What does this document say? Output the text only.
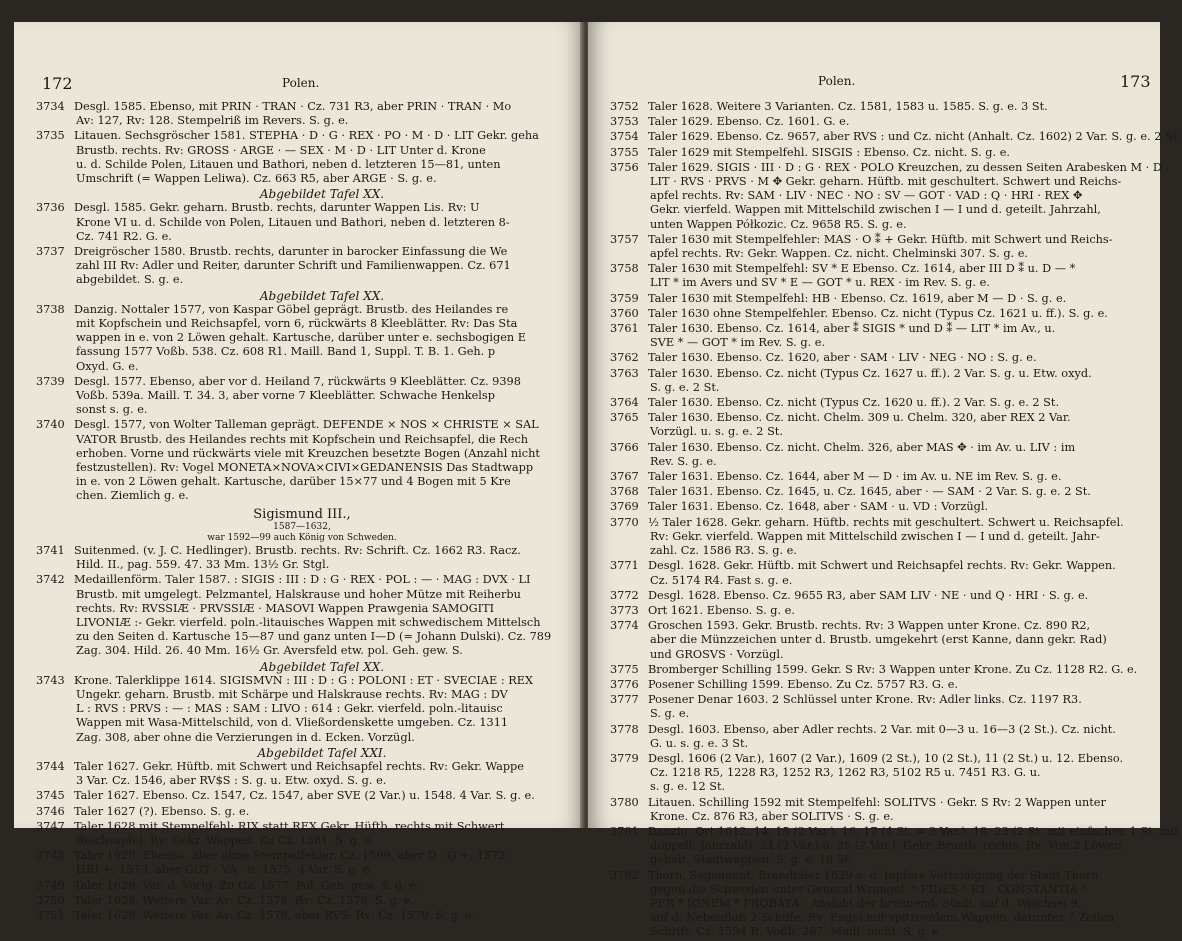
172	Polen.
3734 Desgl. 1585. Ebenso, mit PRIN · TRAN · Cz. 731 R3, aber PRIN · TRAN · Mo
Av: 127, Rv: 128. Stempelriß im Revers. S. g. e.
3735 Litauen. Sechsgröscher 1581. STEPHA · D · G · REX · PO · M · D · LIT Gekr. geha
Brustb. rechts. Rv: GROSS · ARGE · — SEX · M · D · LIT Unter d. Krone
u. d. Schilde Polen, Litauen und Bathori, neben d. letzteren 15—81, unten
Umschrift (= Wappen Leliwa). Cz. 663 R5, aber ARGE · S. g. e.
Abgebildet Tafel XX.
3736 Desgl. 1585. Gekr. geharn. Brustb. rechts, darunter Wappen Lis. Rv: U
Krone VI u. d. Schilde von Polen, Litauen und Bathori, neben d. letzteren 8-
Cz. 741 R2. G. e.
3737 Dreigröscher 1580. Brustb. rechts, darunter in barocker Einfassung die We
zahl III Rv: Adler und Reiter, darunter Schrift und Familienwappen. Cz. 671
abgebildet. S. g. e.
Abgebildet Tafel XX.
3738 Danzig. Nottaler 1577, von Kaspar Göbel geprägt. Brustb. des Heilandes re
mit Kopfschein und Reichsapfel, vorn 6, rückwärts 8 Kleeblätter. Rv: Das Sta
wappen in e. von 2 Löwen gehalt. Kartusche, darüber unter e. sechsbogigen E
fassung 1577 Voßb. 538. Cz. 608 R1. Maill. Band 1, Suppl. T. B. 1. Geh. p
Oxyd. G. e.
3739 Desgl. 1577. Ebenso, aber vor d. Heiland 7, rückwärts 9 Kleeblätter. Cz. 9398
Voßb. 539a. Maill. T. 34. 3, aber vorne 7 Kleeblätter. Schwache Henkelsp
sonst s. g. e.
3740 Desgl. 1577, von Wolter Talleman geprägt. DEFENDE × NOS × CHRISTE × SAL
VATOR Brustb. des Heilandes rechts mit Kopfschein und Reichsapfel, die Rech
erhoben. Vorne und rückwärts viele mit Kreuzchen besetzte Bogen (Anzahl nicht
festzustellen). Rv: Vogel MONETA×NOVA×CIVI×GEDANENSIS Das Stadtwapp
in e. von 2 Löwen gehalt. Kartusche, darüber 15×77 und 4 Bogen mit 5 Kre
chen. Ziemlich g. e.
Sigismund III.,
1587—1632,
war 1592—99 auch König von Schweden.
3741 Suitenmed. (v. J. C. Hedlinger). Brustb. rechts. Rv: Schrift. Cz. 1662 R3. Racz.
Hild. II., pag. 559. 47. 33 Mm. 13½ Gr. Stgl.
3742 Medaillenförm. Taler 1587. : SIGIS : III : D : G · REX · POL : — · MAG : DVX · LI
Brustb. mit umgelegt. Pelzmantel, Halskrause und hoher Mütze mit Reiherbu
rechts. Rv: RVSSIÆ · PRVSSIÆ · MASOVI Wappen Prawgenia SAMOGITI
LIVONIÆ :- Gekr. vierfeld. poln.-litauisches Wappen mit schwedischem Mittelsch
zu den Seiten d. Kartusche 15—87 und ganz unten I—D (= Johann Dulski). Cz. 789
Zag. 304. Hild. 26. 40 Mm. 16½ Gr. Aversfeld etw. pol. Geh. gew. S.
Abgebildet Tafel XX.
3743 Krone. Talerklippe 1614. SIGISMVN : III : D : G : POLONI : ET · SVECIAE : REX
Ungekr. geharn. Brustb. mit Schärpe und Halskrause rechts. Rv: MAG : DV
L : RVS : PRVS : — : MAS : SAM : LIVO : 614 : Gekr. vierfeld. poln.-litauisc
Wappen mit Wasa-Mittelschild, von d. Vließordenskette umgeben. Cz. 1311
Zag. 308, aber ohne die Verzierungen in d. Ecken. Vorzügl.
Abgebildet Tafel XXI.
3744 Taler 1627. Gekr. Hüftb. mit Schwert und Reichsapfel rechts. Rv: Gekr. Wappe
3 Var. Cz. 1546, aber RV$S : S. g. u. Etw. oxyd. S. g. e.
3745 Taler 1627. Ebenso. Cz. 1547, Cz. 1547, aber SVE (2 Var.) u. 1548. 4 Var. S. g. e.
3746 Taler 1627 (?). Ebenso. S. g. e.
3747 Taler 1628 mit Stempelfehl: RIX statt REX Gekr. Hüftb. rechts mit Schwert
Reichsapfel. Rv: Gekr. Wappen. Zu Cz. 1581. S. g. e.
3748 Taler 1628. Ebenso, aber ohne Stempelfehler. Cz. 1569, aber D : G +, 1572,
HRI +, 1573, aber GOT · VA · u. 1575. 4 Var. S. g. e.
3749 Taler 1628. Var. d. Vorig. Zu Cz. 1577. Pol. Geh. gew. S. g. e.
3750 Taler 1628. Weitere Var. Av: Cz. 1578, Rv: Cz. 1579. S. g. e.
3751 Taler 1628. Weitere Var. Av: Cz. 1578, aber RVS: Rv: Cz. 1579. S. g. e.
Polen.	173
3752 Taler 1628. Weitere 3 Varianten. Cz. 1581, 1583 u. 1585. S. g. e. 3 St.
3753 Taler 1629. Ebenso. Cz. 1601. G. e.
3754 Taler 1629. Ebenso. Cz. 9657, aber RVS : und Cz. nicht (Anhalt. Cz. 1602) 2 Var. S. g. e. 2 St.
3755 Taler 1629 mit Stempelfehl. SISGIS : Ebenso. Cz. nicht. S. g. e.
3756 Taler 1629. SIGIS · III · D : G · REX · POLO Kreuzchen, zu dessen Seiten Arabesken M · D :
LIT · RVS · PRVS · M ✥ Gekr. geharn. Hüftb. mit geschultert. Schwert und Reichs-
apfel rechts. Rv: SAM · LIV · NEC · NO : SV — GOT · VAD : Q · HRI · REX ✥
Gekr. vierfeld. Wappen mit Mittelschild zwischen I — I und d. geteilt. Jahrzahl,
unten Wappen Półkozic. Cz. 9658 R5. S. g. e.
3757 Taler 1630 mit Stempelfehler: MAS · O ⁑ + Gekr. Hüftb. mit Schwert und Reichs-
apfel rechts. Rv: Gekr. Wappen. Cz. nicht. Chelminski 307. S. g. e.
3758 Taler 1630 mit Stempelfehl: SV * E Ebenso. Cz. 1614, aber III D ⁑ u. D — *
LIT * im Avers und SV * E — GOT * u. REX · im Rev. S. g. e.
3759 Taler 1630 mit Stempelfehl: HB · Ebenso. Cz. 1619, aber M — D · S. g. e.
3760 Taler 1630 ohne Stempelfehler. Ebenso. Cz. nicht (Typus Cz. 1621 u. ff.). S. g. e.
3761 Taler 1630. Ebenso. Cz. 1614, aber ⁑ SIGIS * und D ⁑ — LIT * im Av., u.
SVE * — GOT * im Rev. S. g. e.
3762 Taler 1630. Ebenso. Cz. 1620, aber · SAM · LIV · NEG · NO : S. g. e.
3763 Taler 1630. Ebenso. Cz. nicht (Typus Cz. 1627 u. ff.). 2 Var. S. g. u. Etw. oxyd.
S. g. e. 2 St.
3764 Taler 1630. Ebenso. Cz. nicht (Typus Cz. 1620 u. ff.). 2 Var. S. g. e. 2 St.
3765 Taler 1630. Ebenso. Cz. nicht. Chelm. 309 u. Chelm. 320, aber REX 2 Var.
Vorzügl. u. s. g. e. 2 St.
3766 Taler 1630. Ebenso. Cz. nicht. Chelm. 326, aber MAS ✥ · im Av. u. LIV : im
Rev. S. g. e.
3767 Taler 1631. Ebenso. Cz. 1644, aber M — D · im Av. u. NE im Rev. S. g. e.
3768 Taler 1631. Ebenso. Cz. 1645, u. Cz. 1645, aber · — SAM · 2 Var. S. g. e. 2 St.
3769 Taler 1631. Ebenso. Cz. 1648, aber · SAM · u. VD : Vorzügl.
3770 ½ Taler 1628. Gekr. geharn. Hüftb. rechts mit geschultert. Schwert u. Reichsapfel.
Rv: Gekr. vierfeld. Wappen mit Mittelschild zwischen I — I und d. geteilt. Jahr-
zahl. Cz. 1586 R3. S. g. e.
3771 Desgl. 1628. Gekr. Hüftb. mit Schwert und Reichsapfel rechts. Rv: Gekr. Wappen.
Cz. 5174 R4. Fast s. g. e.
3772 Desgl. 1628. Ebenso. Cz. 9655 R3, aber SAM LIV · NE · und Q · HRI · S. g. e.
3773 Ort 1621. Ebenso. S. g. e.
3774 Groschen 1593. Gekr. Brustb. rechts. Rv: 3 Wappen unter Krone. Cz. 890 R2,
aber die Münzzeichen unter d. Brustb. umgekehrt (erst Kanne, dann gekr. Rad)
und GROSVS · Vorzügl.
3775 Bromberger Schilling 1599. Gekr. S Rv: 3 Wappen unter Krone. Zu Cz. 1128 R2. G. e.
3776 Posener Schilling 1599. Ebenso. Zu Cz. 5757 R3. G. e.
3777 Posener Denar 1603. 2 Schlüssel unter Krone. Rv: Adler links. Cz. 1197 R3.
S. g. e.
3778 Desgl. 1603. Ebenso, aber Adler rechts. 2 Var. mit 0—3 u. 16—3 (2 St.). Cz. nicht.
G. u. s. g. e. 3 St.
3779 Desgl. 1606 (2 Var.), 1607 (2 Var.), 1609 (2 St.), 10 (2 St.), 11 (2 St.) u. 12. Ebenso.
Cz. 1218 R5, 1228 R3, 1252 R3, 1262 R3, 5102 R5 u. 7451 R3. G. u.
s. g. e. 12 St.
3780 Litauen. Schilling 1592 mit Stempelfehl: SOLITVS · Gekr. S Rv: 2 Wappen unter
Krone. Cz. 876 R3, aber SOLITVS · S. g. e.
3781 Danzig. Ort 1612, 14, 15 (2 Var.), 16, 17 (4 St. = 3 Var.), 18, 23 (2 St. mit einfacher, 1 St. mit
doppelt. Jahrzahl), 24 (2 Var.) u. 25 (2 Var.). Gekr. Brustb. rechts. Rv: Von 2 Löwen
gehalt. Stadtwappen. S. g. e. 18 St.
3782 Thorn. Sogenannt. Brandtaler 1629 a. d. tapfere Verteidigung der Stadt Thorn
gegen die Schweden unter General Wrangel. * FIDES * ET · CONSTANTIA *
PER * IGNEM * PROBATA : Ansicht der brennend. Stadt, auf d. Weichsel 9,
auf d. Nebenfluß 2 Schiffe. Rv: Engel mit spitzovalem Wappen, darunter 7 Zeilen
Schrift. Cz. 1594 R. Voßb. 267. Maill. nicht. S. g. e.
